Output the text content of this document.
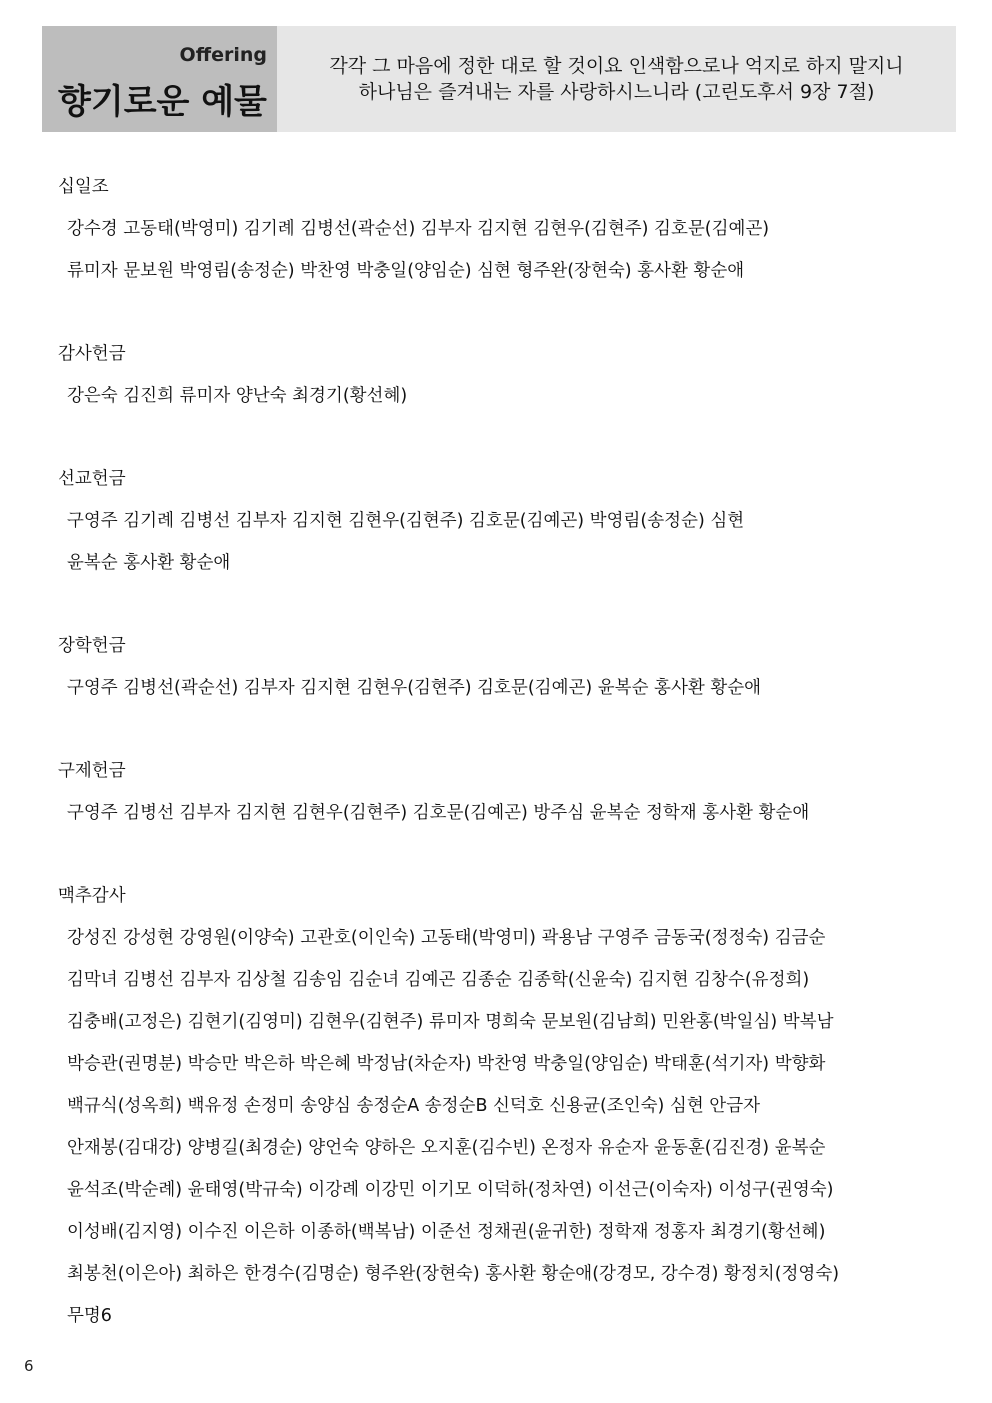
Offering
향기로운 예물
각각 그 마음에 정한 대로 할 것이요 인색함으로나 억지로 하지 말지니
하나님은 즐겨내는 자를 사랑하시느니라 (고린도후서 9장 7절)
십일조
강수경 고동태(박영미) 김기례 김병선(곽순선) 김부자 김지현 김현우(김현주) 김호문(김예곤)
류미자 문보원 박영림(송정순) 박찬영 박충일(양임순) 심현 형주완(장현숙) 홍사환 황순애
감사헌금
강은숙 김진희 류미자 양난숙 최경기(황선혜)
선교헌금
구영주 김기례 김병선 김부자 김지현 김현우(김현주) 김호문(김예곤) 박영림(송정순) 심현
윤복순 홍사환 황순애
장학헌금
구영주 김병선(곽순선) 김부자 김지현 김현우(김현주) 김호문(김예곤) 윤복순 홍사환 황순애
구제헌금
구영주 김병선 김부자 김지현 김현우(김현주) 김호문(김예곤) 방주심 윤복순 정학재 홍사환 황순애
맥추감사
강성진 강성현 강영원(이양숙) 고관호(이인숙) 고동태(박영미) 곽용남 구영주 금동국(정정숙) 김금순
김막녀 김병선 김부자 김상철 김송임 김순녀 김예곤 김종순 김종학(신윤숙) 김지현 김창수(유정희)
김충배(고정은) 김현기(김영미) 김현우(김현주) 류미자 명희숙 문보원(김남희) 민완홍(박일심) 박복남
박승관(권명분) 박승만 박은하 박은혜 박정남(차순자) 박찬영 박충일(양임순) 박태훈(석기자) 박향화
백규식(성옥희) 백유정 손정미 송양심 송정순A 송정순B 신덕호 신용균(조인숙) 심현 안금자
안재봉(김대강) 양병길(최경순) 양언숙 양하은 오지훈(김수빈) 온정자 유순자 윤동훈(김진경) 윤복순
윤석조(박순례) 윤태영(박규숙) 이강례 이강민 이기모 이덕하(정차연) 이선근(이숙자) 이성구(권영숙)
이성배(김지영) 이수진 이은하 이종하(백복남) 이준선 정채권(윤귀한) 정학재 정홍자 최경기(황선혜)
최봉천(이은아) 최하은 한경수(김명순) 형주완(장현숙) 홍사환 황순애(강경모, 강수경) 황정치(정영숙)
무명6
6
